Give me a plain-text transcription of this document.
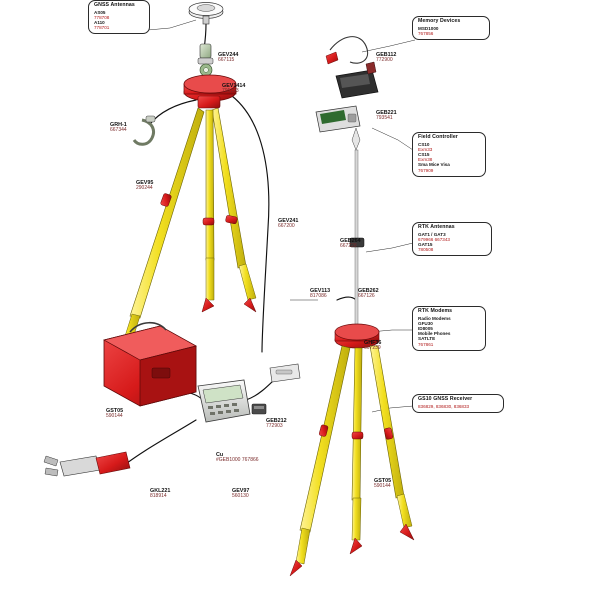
GNSS Antennas
AS05
778708
A110
778701
Memory Devices
MSD1000
767856
Field Controller
CS10
Exm33
CS15
Exm38
Sma Mice Visa
767909
RTK Antennas
GAT1 / GAT3
679966 667343
GAT15
780508
RTK Modems
Radio Modems
GFU30
ID8005
Mobile Phones
SATLTE
767861
GS10 GNSS Receiver
836829, 836830, 836833
GEV244
667115
GEV1414
795193
GRH-1
667344
GEV95
290244
GEV241
667200
GEB264
667228
GEB262
667126
GEV113
817086
GHF36
667239
GST05
590144
GEB212
772903
Cu
#GEB1000 767866
GKL221
818914
GEV97
560130
GST05
590144
GEB112
772900
GEB221
793541
